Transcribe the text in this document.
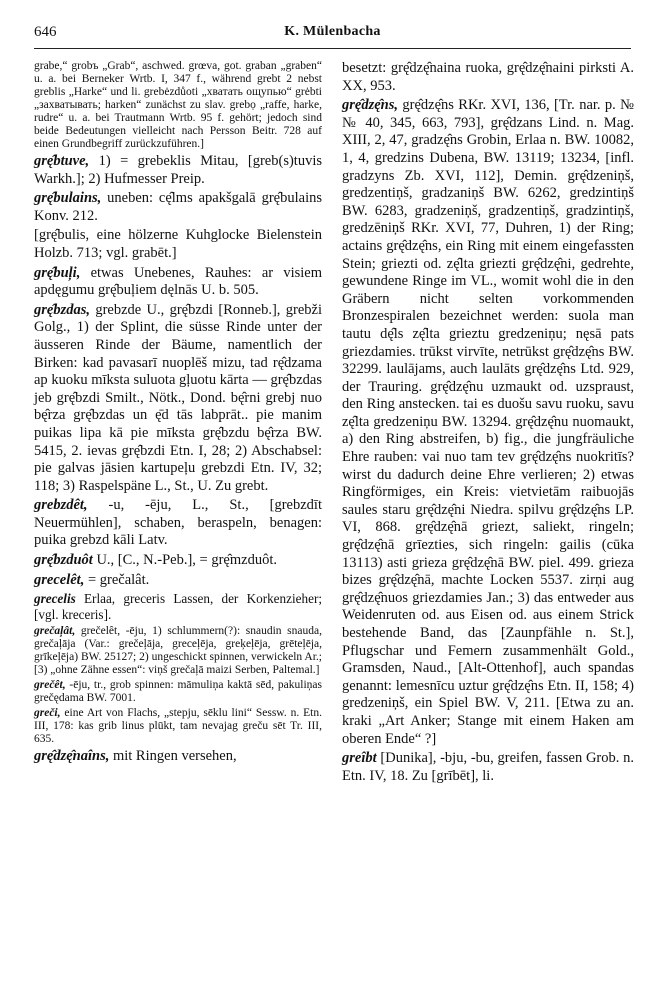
646	K. Mülenbacha

grabe,“ grobъ „Grab“, aschwed. grœva, got. graban „graben“ u. a. bei Berneker Wrtb. I, 347 f., während grebt 2 nebst greblis „Harke“ und li. grebėzdůoti „хватать ощупью“ grėbti „захватывать; harken“ zunächst zu slav. grebọ „raffe, harke, rudre“ u. a. bei Trautmann Wrtb. 95 f. gehört; jedoch sind beide Bedeutungen vielleicht nach Persson Beitr. 728 auf einen Grundbegriff zurückzuführen.]

grę̂btuve, 1) = grebeklis Mitau, [greb(s)tuvis Warkh.]; 2) Hufmesser Preip.

grę̂bulains, uneben: cę̂lms apakšgalā grę̂bulains Konv. 212.

[grę̂bulis, eine hölzerne Kuhglocke Bielenstein Holzb. 713; vgl. grabēt.]

grę̂buļi, etwas Unebenes, Rauhes: ar visiem apdęgumu grę̂buļiem dęlnās U. b. 505.

grę̂bzdas, grebzde U., grę̂bzdi [Ronneb.], grebži Golg., 1) der Splint, die süsse Rinde unter der äusseren Rinde der Bäume, namentlich der Birken: kad pavasarī nuoplēš mizu, tad rę̂dzama ap kuoku mīksta suluota gļuotu kārta — grę̂bzdas jeb grę̂bzdi Smilt., Nötk., Dond. bę̂rni grebj nuo bę̂rza grę̂bzdas un ę̄d tās labprāt.. pie manim puikas lipa kā pie mīksta grę̂bzdu bę̂rza BW. 5415, 2. ievas grę̂bzdi Etn. I, 28; 2) Abschabsel: pie galvas jāsien kartupeļu grebzdi Etn. IV, 32; 118; 3) Raspelspäne L., St., U. Zu grebt.

grebzdêt, -u, -ēju, L., St., [grebzdīt Neuermühlen], schaben, beraspeln, benagen: puika grebzd kāli Latv.

grę̂bzduôt U., [C., N.-Peb.], = grę̂mzduôt.

grecelêt, = grečalât.

grecelis Erlaa, greceris Lassen, der Korkenzieher; [vgl. kreceris].

grečaļât, grečelêt, -ēju, 1) schlummern(?): snaudin snauda, grečaļāja (Var.: grečeļāja, greceļēja, greķeļēja, grēteļēja, grīkeļēja) BW. 25127; 2) ungeschickt spinnen, verwickeln Ar.; [3) „ohne Zähne essen“: viņš grečaļā maizi Serben, Paltemal.]

grečêt, -ēju, tr., grob spinnen: māmuliņa kaktā sēd, pakuliņas grečędama BW. 7001.

greči, eine Art von Flachs, „stepju, sēklu lini“ Sessw. n. Etn. III, 178: kas grib linus plūkt, tam nevajag greču sēt Tr. III, 635.

grę̂dzę̂naîns, mit Ringen versehen,

besetzt: grę̂dzę̂naina ruoka, grę̂dzę̂naini pirksti A. XX, 953.

grę̂dzę̂ns, grę̂dzę̂ns RKr. XVI, 136, [Tr. nar. p. №№ 40, 345, 663, 793], grę̂dzans Lind. n. Mag. XIII, 2, 47, gradzę̂ns Grobin, Erlaa n. BW. 10082, 1, 4, gredzins Dubena, BW. 13119; 13234, [infl. gradzyns Zb. XVI, 112], Demin. grę̂dzeniņš, gredzentiņš, gradzaniņš BW. 6262, gredzintiņš BW. 6283, gradzeniņš, gradzentiņš, gradzintiņš, gredzēniņš RKr. XVI, 77, Duhren, 1) der Ring; actains grę̂dzę̂ns, ein Ring mit einem eingefassten Stein; griezti od. zę̂lta griezti grę̂dzę̂ni, gedrehte, gewundene Ringe im VL., womit wohl die in den Gräbern nicht selten vorkommenden Bronzespiralen bezeichnet werden: suola man tautu dę̂ls zę̂lta grieztu gredzeniņu; nęsā pats griezdamies. trūkst virvīte, netrūkst grę̂dzę̂ns BW. 32299. laulājams, auch laulāts grę̂dzę̂ns Ltd. 929, der Trauring. grę̂dzę̂nu uzmaukt od. uzspraust, den Ring anstecken. tai es duošu savu ruoku, savu zę̂lta gredzeniņu BW. 13294. grę̂dzę̂nu nuomaukt, a) den Ring abstreifen, b) fig., die jungfräuliche Ehre rauben: vai nuo tam tev grę̂dzę̂ns nuokritīs? wirst du dadurch deine Ehre verlieren; 2) etwas Ringförmiges, ein Kreis: vietvietām raibuojās saules staru grę̂dzę̂ni Niedra. spilvu grę̂dzę̂ns LP. VI, 868. grę̂dzę̂nā griezt, saliekt, ringeln; grę̂dzę̂nā grīezties, sich ringeln: gailis (cūka 13113) asti grieza grę̂dzę̂nā BW. piel. 499. grieza bizes grę̂dzę̂nā, machte Locken 5537. zirņi aug grę̂dzę̂nuos griezdamies Jan.; 3) das entweder aus Weidenruten od. aus Eisen od. aus einem Strick bestehende Band, das [Zaunpfähle n. St.], Pflugschar und Femern zusammenhält Gold., Gramsden, Naud., [Alt-Ottenhof], auch spandas genannt: lemesnīcu uztur grę̂dzę̂ns Etn. II, 158; 4) gredzeniņš, ein Spiel BW. V, 211. [Etwa zu an. kraki „Art Anker; Stange mit einem Haken am oberen Ende“ ?]

greîbt [Dunika], -bju, -bu, greifen, fassen Grob. n. Etn. IV, 18. Zu [grībēt], li.
